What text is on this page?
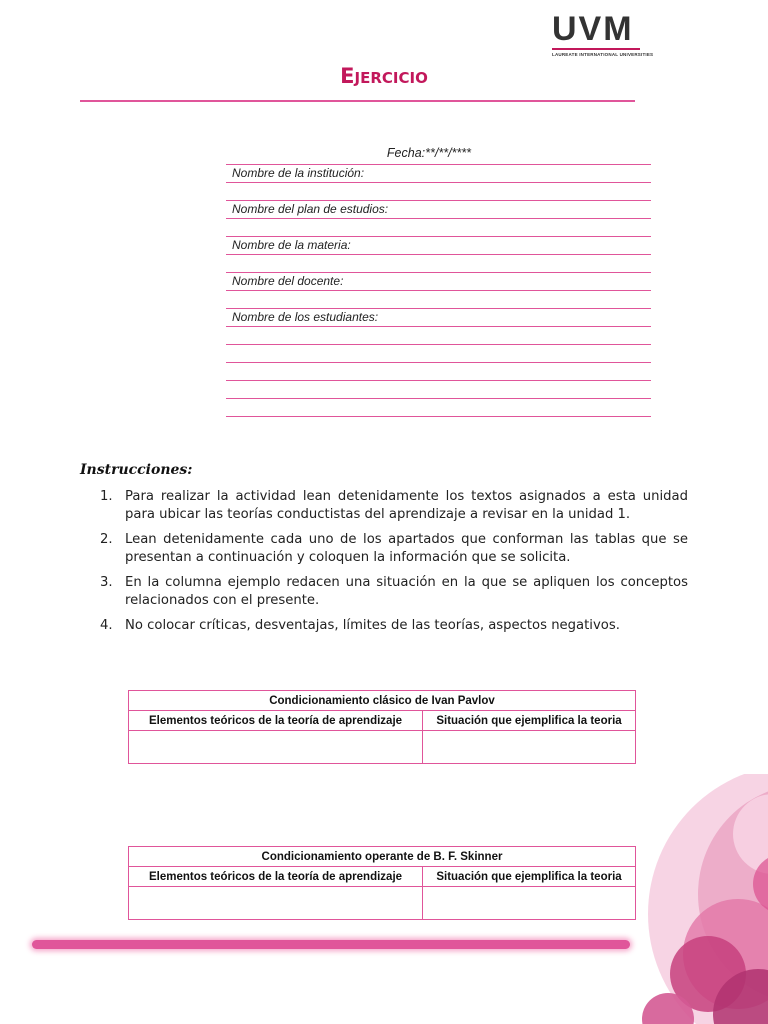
UVM
LAUREATE INTERNATIONAL UNIVERSITIES
Ejercicio
Fecha:**/**/****
Nombre de la institución:
Nombre del plan de estudios:
Nombre de la materia:
Nombre del docente:
Nombre de los estudiantes:
Instrucciones:
1. Para realizar la actividad lean detenidamente los textos asignados a esta unidad para ubicar las teorías conductistas del aprendizaje a revisar en la unidad 1.
2. Lean detenidamente cada uno de los apartados que conforman las tablas que se presentan a continuación y coloquen la información que se solicita.
3. En la columna ejemplo redacen una situación en la que se apliquen los conceptos relacionados con el presente.
4. No colocar críticas, desventajas, límites de las teorías, aspectos negativos.
Condicionamiento clásico de Ivan Pavlov	
Elementos teóricos de la teoría de aprendizaje	Situación que ejemplifica la teoria

Condicionamiento operante de B. F. Skinner	
Elementos teóricos de la teoría de aprendizaje	Situación que ejemplifica la teoria
